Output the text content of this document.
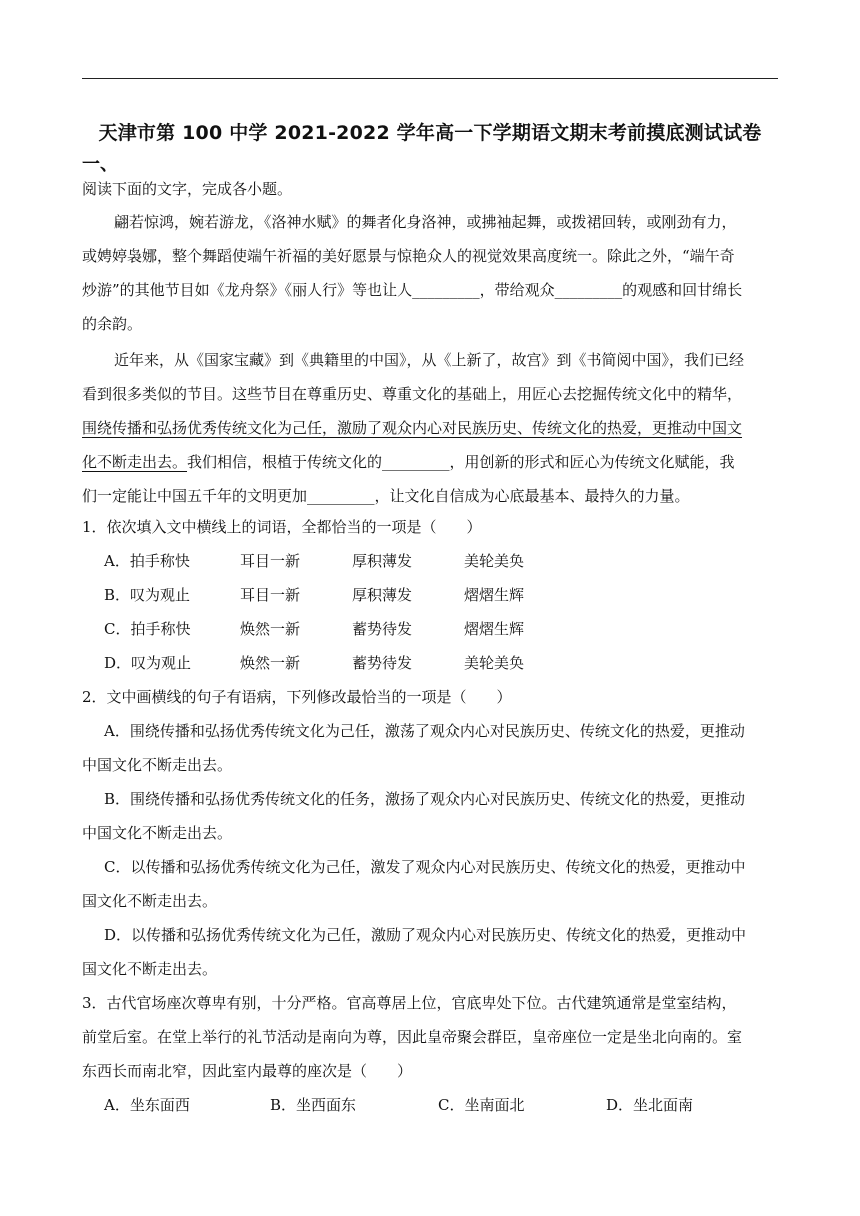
天津市第 100 中学 2021-2022 学年高一下学期语文期末考前摸底测试试卷
一、
阅读下面的文字，完成各小题。
翩若惊鸿，婉若游龙，《洛神水赋》的舞者化身洛神，或拂袖起舞，或拨裙回转，或刚劲有力，
或娉婷袅娜，整个舞蹈使端午祈福的美好愿景与惊艳众人的视觉效果高度统一。除此之外，“端午奇
炒游”的其他节目如《龙舟祭》《丽人行》等也让人_________，带给观众_________的观感和回甘绵长
的余韵。
近年来，从《国家宝藏》到《典籍里的中国》，从《上新了，故宫》到《书简阅中国》，我们已经
看到很多类似的节目。这些节目在尊重历史、尊重文化的基础上，用匠心去挖掘传统文化中的精华，
围绕传播和弘扬优秀传统文化为己任，激励了观众内心对民族历史、传统文化的热爱，更推动中国文
化不断走出去。我们相信，根植于传统文化的_________，用创新的形式和匠心为传统文化赋能，我
们一定能让中国五千年的文明更加_________，让文化自信成为心底最基本、最持久的力量。
1．依次填入文中横线上的词语，全都恰当的一项是（　　）
A．拍手称快	耳目一新	厚积薄发	美轮美奂
B．叹为观止	耳目一新	厚积薄发	熠熠生辉
C．拍手称快	焕然一新	蓄势待发	熠熠生辉
D．叹为观止	焕然一新	蓄势待发	美轮美奂
2．文中画横线的句子有语病，下列修改最恰当的一项是（　　）
A．围绕传播和弘扬优秀传统文化为己任，激荡了观众内心对民族历史、传统文化的热爱，更推动
中国文化不断走出去。
B．围绕传播和弘扬优秀传统文化的任务，激扬了观众内心对民族历史、传统文化的热爱，更推动
中国文化不断走出去。
C．以传播和弘扬优秀传统文化为己任，激发了观众内心对民族历史、传统文化的热爱，更推动中
国文化不断走出去。
D．以传播和弘扬优秀传统文化为己任，激励了观众内心对民族历史、传统文化的热爱，更推动中
国文化不断走出去。
3．古代官场座次尊卑有别，十分严格。官高尊居上位，官底卑处下位。古代建筑通常是堂室结构，
前堂后室。在堂上举行的礼节活动是南向为尊，因此皇帝聚会群臣，皇帝座位一定是坐北向南的。室
东西长而南北窄，因此室内最尊的座次是（　　）
A．坐东面西	B．坐西面东	C．坐南面北	D．坐北面南
